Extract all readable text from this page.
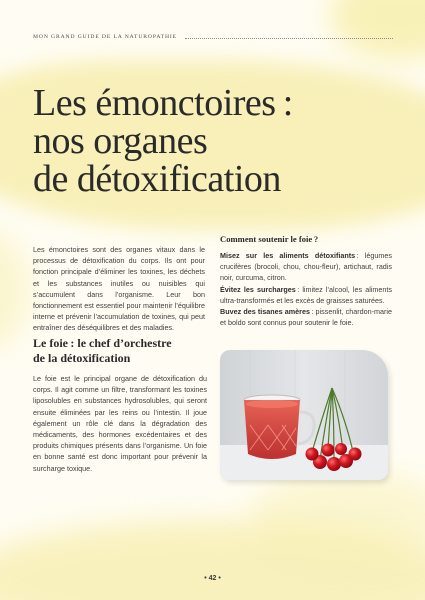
MON GRAND GUIDE DE LA NATUROPATHIE
Les émonctoires :
nos organes
de détoxification

Les émonctoires sont des organes vitaux dans le processus de détoxification du corps. Ils ont pour fonction principale d’éliminer les toxines, les déchets et les substances inutiles ou nuisibles qui s’accumulent dans l’organisme. Leur bon fonctionnement est essentiel pour maintenir l’équilibre interne et prévenir l’accumulation de toxines, qui peut entraîner des déséquilibres et des maladies.

Le foie : le chef d’orchestre
de la détoxification

Le foie est le principal organe de détoxification du corps. Il agit comme un filtre, transformant les toxines liposolubles en substances hydrosolubles, qui seront ensuite éliminées par les reins ou l’intestin. Il joue également un rôle clé dans la dégradation des médicaments, des hormones excédentaires et des produits chimiques présents dans l’organisme. Un foie en bonne santé est donc important pour prévenir la surcharge toxique.

Comment soutenir le foie ?

Misez sur les aliments détoxifiants : légumes crucifères (brocoli, chou, chou-fleur), artichaut, radis noir, curcuma, citron.

Évitez les surcharges : limitez l’alcool, les aliments ultra-transformés et les excès de graisses saturées.

Buvez des tisanes amères : pissenlit, chardon-marie et boldo sont connus pour soutenir le foie.

• 42 •
